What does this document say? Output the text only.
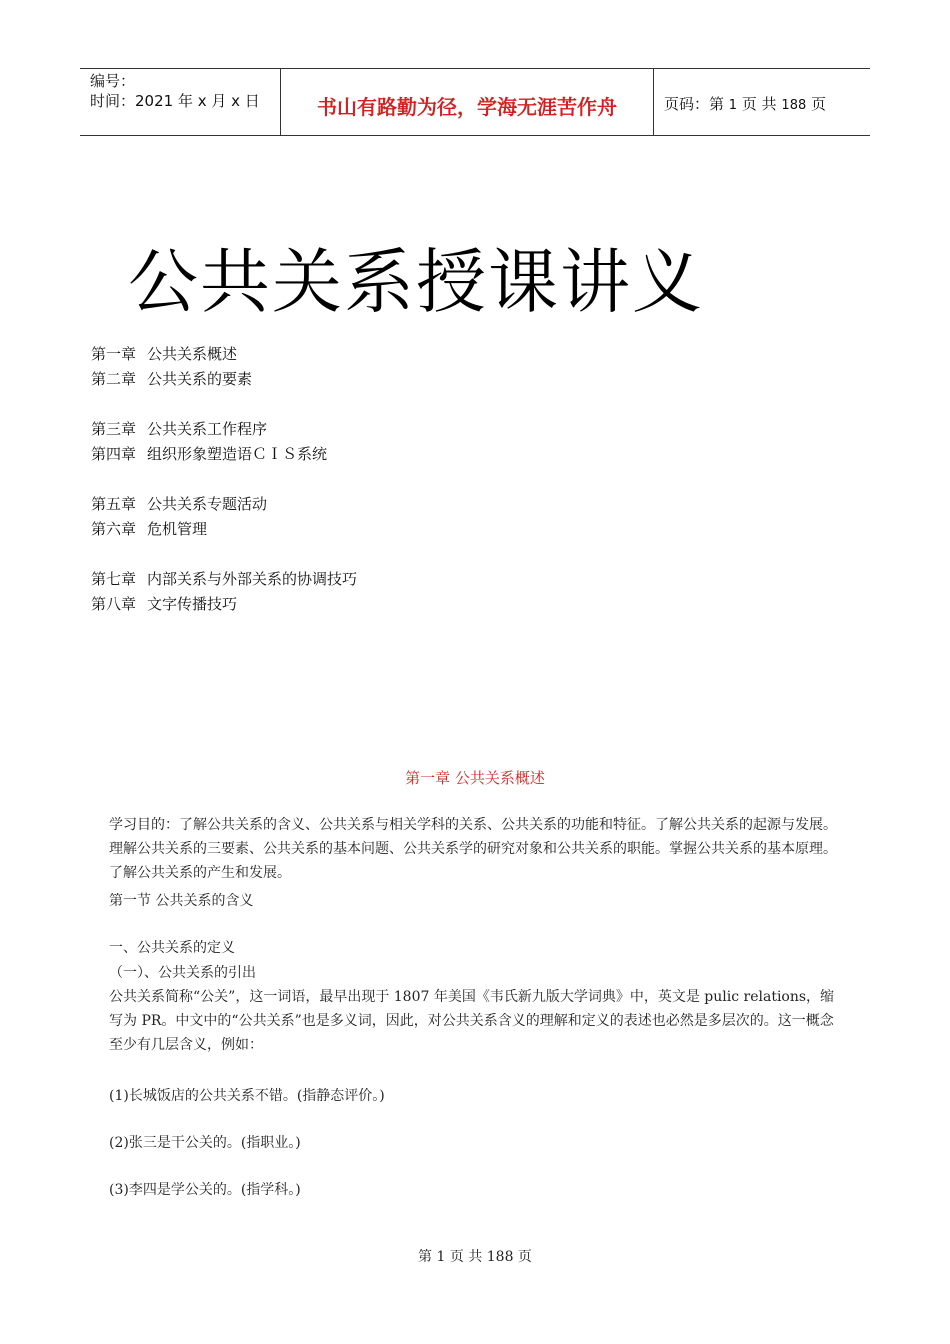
编号：
时间：2021 年 x 月 x 日	书山有路勤为径，学海无涯苦作舟	页码：第 1 页 共 188 页
公共关系授课讲义
第一章 公共关系概述
第二章 公共关系的要素
第三章 公共关系工作程序
第四章 组织形象塑造语ＣＩＳ系统
第五章 公共关系专题活动
第六章 危机管理
第七章 内部关系与外部关系的协调技巧
第八章 文字传播技巧
第一章 公共关系概述
学习目的：了解公共关系的含义、公共关系与相关学科的关系、公共关系的功能和特征。了解公共关系的起源与发展。理解公共关系的三要素、公共关系的基本问题、公共关系学的研究对象和公共关系的职能。掌握公共关系的基本原理。了解公共关系的产生和发展。
第一节 公共关系的含义
一、公共关系的定义
（一）、公共关系的引出
公共关系简称“公关”，这一词语，最早出现于 1807 年美国《韦氏新九版大学词典》中，英文是 pulic relations，缩写为 PR。中文中的“公共关系”也是多义词，因此，对公共关系含义的理解和定义的表述也必然是多层次的。这一概念至少有几层含义，例如：
(1)长城饭店的公共关系不错。(指静态评价。)
(2)张三是干公关的。(指职业。)
(3)李四是学公关的。(指学科。)
第 1 页 共 188 页
